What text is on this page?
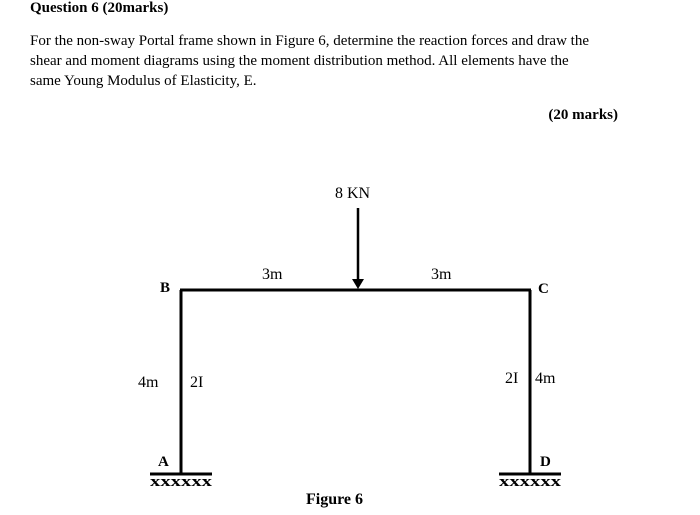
Question 6 (20marks)
For the non-sway Portal frame shown in Figure 6, determine the reaction forces and draw the
shear and moment diagrams using the moment distribution method. All elements have the
same Young Modulus of Elasticity, E.
(20 marks)
8 KN
3m	3m
B	C
A	D
4m 2I	2I 4m
xxxxxx	xxxxxx
Figure 6
